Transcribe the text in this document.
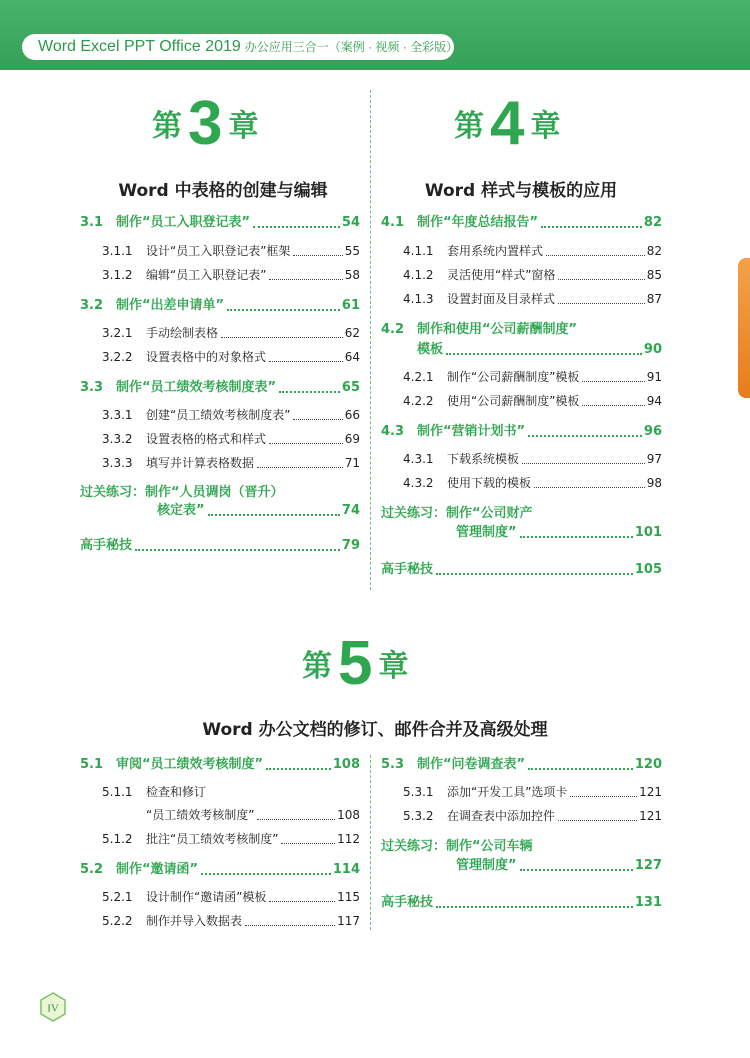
Word Excel PPT Office 2019 办公应用三合一（案例 · 视频 · 全彩版）
第3 章
Word 中表格的创建与编辑
第4 章
Word 样式与模板的应用
3.1 制作“员工入职登记表”	54
3.1.1 设计“员工入职登记表”框架	55
3.1.2 编辑“员工入职登记表”	58
3.2 制作“出差申请单”	61
3.2.1 手动绘制表格	62
3.2.2 设置表格中的对象格式	64
3.3 制作“员工绩效考核制度表”	65
3.3.1 创建“员工绩效考核制度表”	66
3.3.2 设置表格的格式和样式	69
3.3.3 填写并计算表格数据	71
过关练习：制作“人员调岗（晋升）
核定表”	74
高手秘技	79
4.1 制作“年度总结报告”	82
4.1.1 套用系统内置样式	82
4.1.2 灵活使用“样式”窗格	85
4.1.3 设置封面及目录样式	87
4.2 制作和使用“公司薪酬制度”
模板	90
4.2.1 制作“公司薪酬制度”模板	91
4.2.2 使用“公司薪酬制度”模板	94
4.3 制作“营销计划书”	96
4.3.1 下载系统模板	97
4.3.2 使用下载的模板	98
过关练习：制作“公司财产
管理制度”	101
高手秘技	105
第5 章
Word 办公文档的修订、邮件合并及高级处理
5.1 审阅“员工绩效考核制度”	108
5.1.1 检查和修订
“员工绩效考核制度”	108
5.1.2 批注“员工绩效考核制度”	112
5.2 制作“邀请函”	114
5.2.1 设计制作“邀请函”模板	115
5.2.2 制作并导入数据表	117
5.3 制作“问卷调查表”	120
5.3.1 添加“开发工具”选项卡	121
5.3.2 在调查表中添加控件	121
过关练习：制作“公司车辆
管理制度”	127
高手秘技	131
IV
